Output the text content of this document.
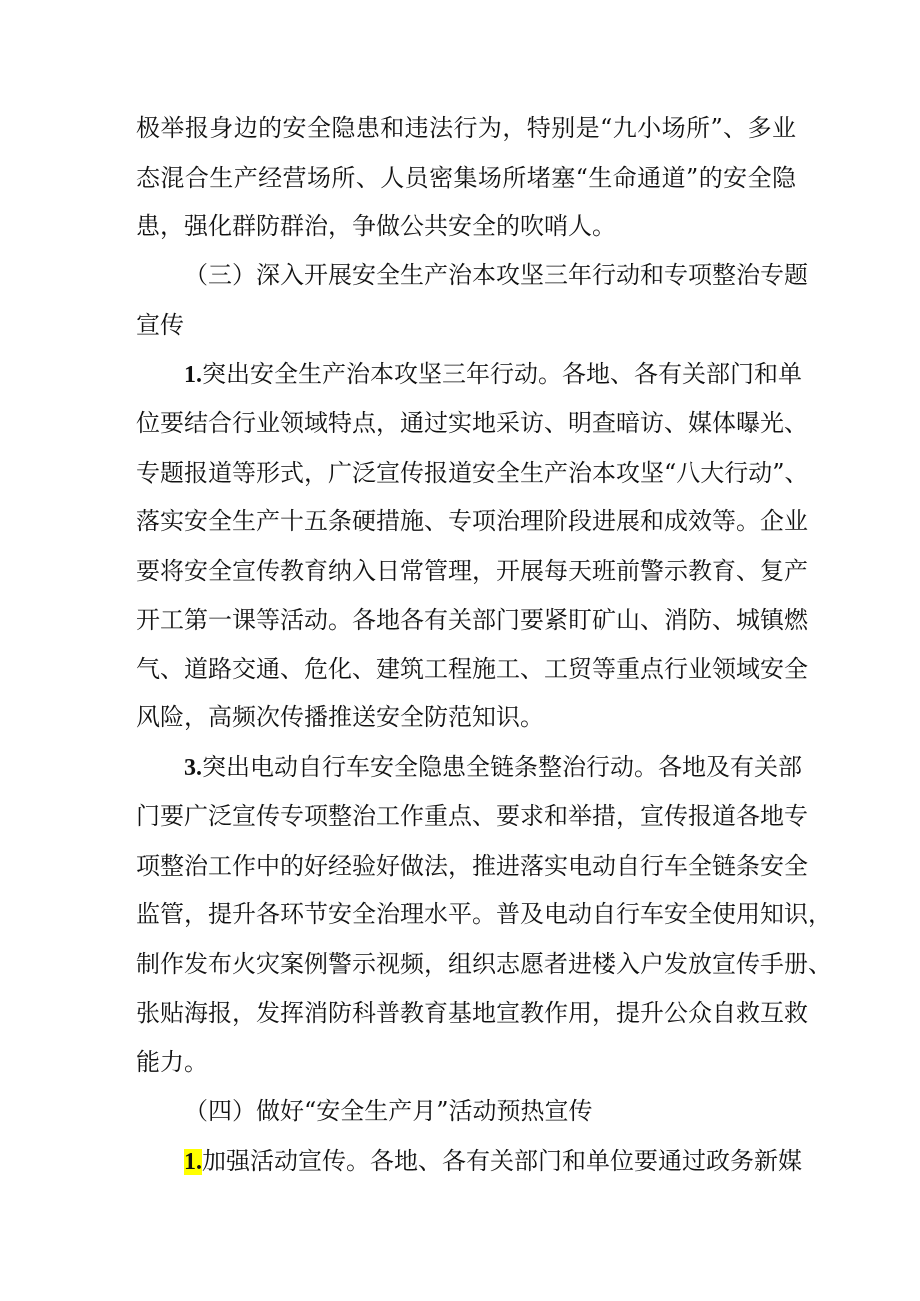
极举报身边的安全隐患和违法行为，特别是“九小场所”、多业
态混合生产经营场所、人员密集场所堵塞“生命通道”的安全隐
患，强化群防群治，争做公共安全的吹哨人。
（三）深入开展安全生产治本攻坚三年行动和专项整治专题
宣传
1.突出安全生产治本攻坚三年行动。各地、各有关部门和单
位要结合行业领域特点，通过实地采访、明查暗访、媒体曝光、
专题报道等形式，广泛宣传报道安全生产治本攻坚“八大行动”、
落实安全生产十五条硬措施、专项治理阶段进展和成效等。企业
要将安全宣传教育纳入日常管理，开展每天班前警示教育、复产
开工第一课等活动。各地各有关部门要紧盯矿山、消防、城镇燃
气、道路交通、危化、建筑工程施工、工贸等重点行业领域安全
风险，高频次传播推送安全防范知识。
3.突出电动自行车安全隐患全链条整治行动。各地及有关部
门要广泛宣传专项整治工作重点、要求和举措，宣传报道各地专
项整治工作中的好经验好做法，推进落实电动自行车全链条安全
监管，提升各环节安全治理水平。普及电动自行车安全使用知识，
制作发布火灾案例警示视频，组织志愿者进楼入户发放宣传手册、
张贴海报，发挥消防科普教育基地宣教作用，提升公众自救互救
能力。
（四）做好“安全生产月”活动预热宣传
1.加强活动宣传。各地、各有关部门和单位要通过政务新媒
